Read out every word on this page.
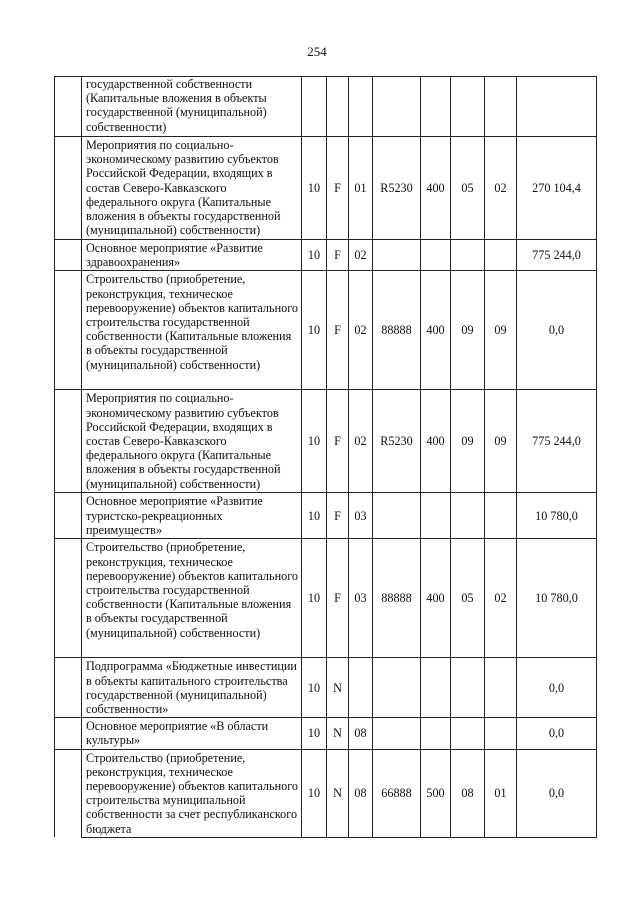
254
	государственной собственности (Капитальные вложения в объекты государственной (муниципальной) собственности)								
	Мероприятия по социально-экономическому развитию субъектов Российской Федерации, входящих в состав Северо-Кавказского федерального округа (Капитальные вложения в объекты государственной (муниципальной) собственности)	10	F	01	R5230	400	05	02	270 104,4
	Основное мероприятие «Развитие здравоохранения»	10	F	02					775 244,0
	Строительство (приобретение, реконструкция, техническое перевооружение) объектов капитального строительства государственной собственности (Капитальные вложения в объекты государственной (муниципальной) собственности)	10	F	02	88888	400	09	09	0,0
	Мероприятия по социально-экономическому развитию субъектов Российской Федерации, входящих в состав Северо-Кавказского федерального округа (Капитальные вложения в объекты государственной (муниципальной) собственности)	10	F	02	R5230	400	09	09	775 244,0
	Основное мероприятие «Развитие туристско-рекреационных преимуществ»	10	F	03					10 780,0
	Строительство (приобретение, реконструкция, техническое перевооружение) объектов капитального строительства государственной собственности (Капитальные вложения в объекты государственной (муниципальной) собственности)	10	F	03	88888	400	05	02	10 780,0
	Подпрограмма «Бюджетные инвестиции в объекты капитального строительства государственной (муниципальной) собственности»	10	N						0,0
	Основное мероприятие «В области культуры»	10	N	08					0,0
	Строительство (приобретение, реконструкция, техническое перевооружение) объектов капитального строительства муниципальной собственности за счет республиканского бюджета	10	N	08	66888	500	08	01	0,0
